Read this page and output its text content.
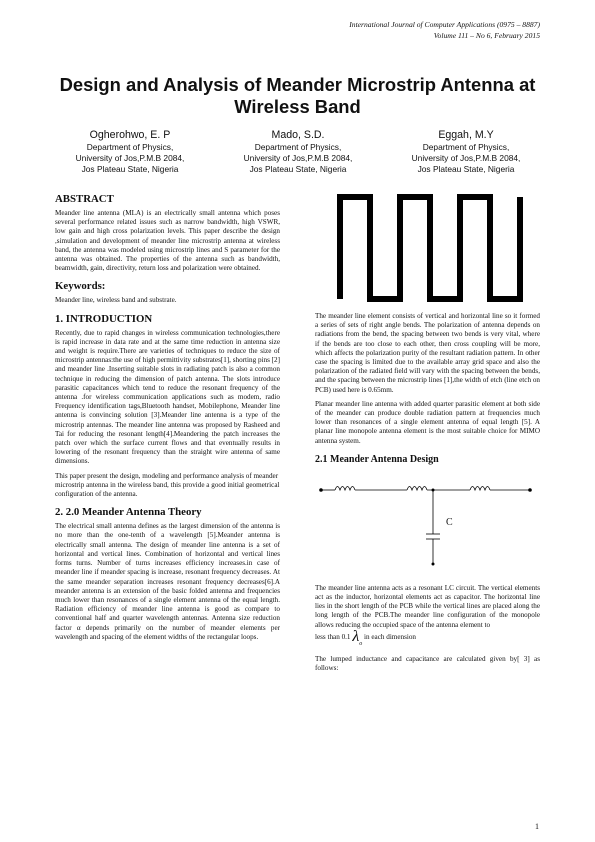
International Journal of Computer Applications (0975 – 8887)
Volume 111 – No 6, February 2015
Design and Analysis of Meander Microstrip Antenna at Wireless Band
Ogherohwo, E. P
Department of Physics,
University of Jos,P.M.B 2084,
Jos Plateau State, Nigeria
Mado, S.D.
Department of Physics,
University of Jos,P.M.B 2084,
Jos Plateau State, Nigeria
Eggah, M.Y
Department of Physics,
University of Jos,P.M.B 2084,
Jos Plateau State, Nigeria
ABSTRACT

Meander line antenna (MLA) is an electrically small antenna which poses several performance related issues such as narrow bandwidth, high VSWR, low gain and high cross polarization levels. This paper describe the design ,simulation and development of meander line microstrip antenna at wireless band, the antenna was modeled using microstrip lines and S parameter for the antenna was obtained. The properties of the antenna such as bandwidth, beamwidth, gain, directivity, return loss and polarization were obtained.

Keywords:

Meander line, wireless band and substrate.

1. INTRODUCTION

Recently, due to rapid changes in wireless communication technologies,there is rapid increase in data rate and at the same time reduction in antenna size and weight is require.There are varieties of techniques to reduce the size of microstrip antennas:the use of high permittivity substrates[1], shorting pins [2] and meander line .Inserting suitable slots in radiating patch is also a common technique in reducing the dimension of patch antenna. The slots introduce parasitic capacitances which tend to reduce the resonant frequency of the antenna .for wireless communication applications such as modem, radio Frequency identification tags,Bluetooth handset, Mobilephone, Meander line antenna is convincing solution [3].Meander line antenna is a type of the microstrip antennas. The meander line antenna was proposed by Rasheed and Tai for reducing the resonant length[4].Meandering the patch increases the patch over which the surface current flows and that eventually results in lowering of the resonant frequency than the straight wire antenna of same dimensions.

This paper present the design, modeling and performance analysis of meander microstrip antenna in the wireless band, this provide a good initial geometrical configuration of the antenna.

2. 2.0 Meander Antenna Theory

The electrical small antenna defines as the largest dimension of the antenna is no more than the one-tenth of a wavelength [5].Meander antenna is electrically small antenna. The design of meander line antenna is a set of horizontal and vertical lines. Combination of horizontal and vertical lines forms turns. Number of turns increases efficiency increases.in case of meander line if meander spacing is increase, resonant frequency decreases. At the same meander separation increases resonant frequency decreases[6].A meander antenna is an extension of the basic folded antenna and frequencies much lower than resonances of a single element antenna of the equal length. Radiation efficiency of meander line antenna is good as compare to conventional half and quarter wavelength antennas. Antenna size reduction factor α depends primarily on the number of meander elements per wavelength and spacing of the element widths of the rectangular loops.

The meander line element consists of vertical and horizontal line so it formed a series of sets of right angle bends. The polarization of antenna depends on radiations from the bend, the spacing between two bends is very vital, where if the bends are too close to each other, then cross coupling will be more, which affects the polarization purity of the resultant radiation pattern. In other case the spacing is limited due to the available array grid space and also the polarization of the radiated field will vary with the spacing between the bends, and the spacing between the microstrip lines [1],the width of etch (line etch on PCB) used here is 0.65mm.

Planar meander line antenna with added quarter parasitic element at both side of the meander can produce double radiation pattern at frequencies much lower than resonances of a single element antenna of equal length [5]. A planar line monopole antenna element is the most suitable choice for MIMO antenna system.

2.1 Meander Antenna Design
C

The meander line antenna acts as a resonant LC circuit. The vertical elements act as the inductor, horizontal elements act as capacitor. The horizontal line lies in the short length of the PCB while the vertical lines are placed along the long length of the PCB.The meander line configuration of the monopole allows reducing the occupied space of the antenna element to

less than 0.1 $\lambda_o$ in each dimension

The lumped inductance and capacitance are calculated given by[ 3] as follows:

1
